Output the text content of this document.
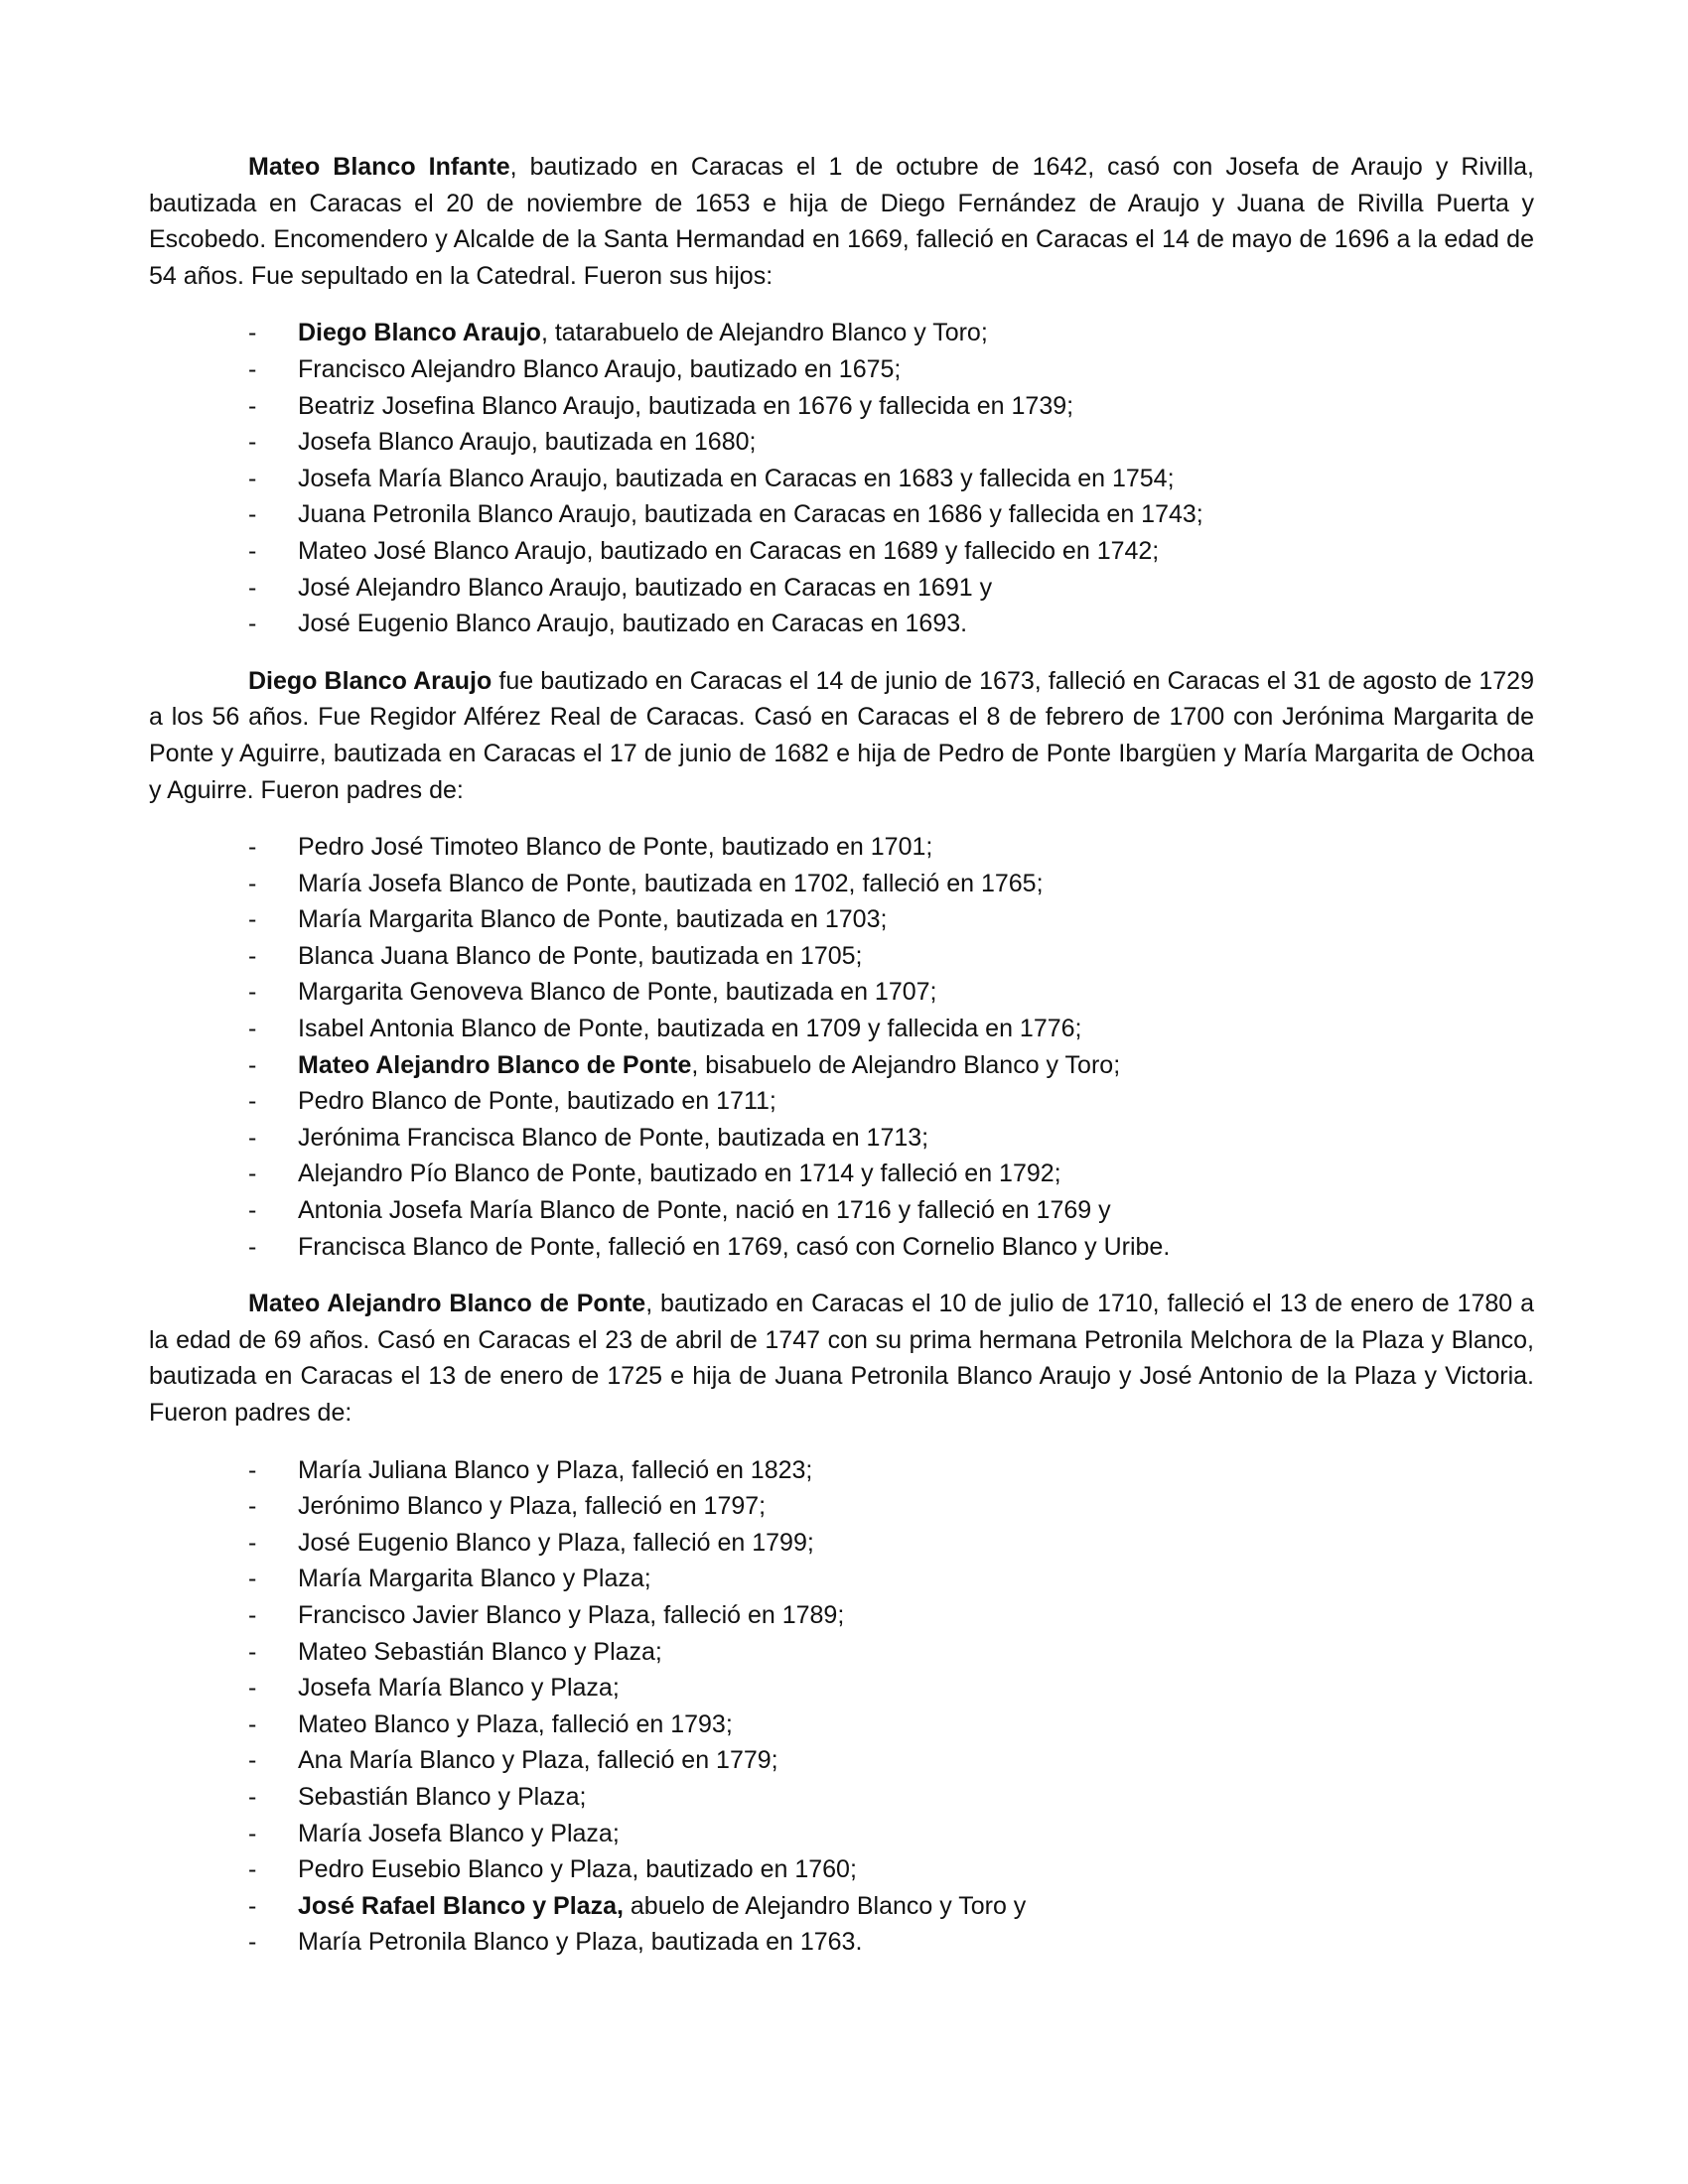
Mateo Blanco Infante, bautizado en Caracas el 1 de octubre de 1642, casó con Josefa de Araujo y Rivilla, bautizada en Caracas el 20 de noviembre de 1653 e hija de Diego Fernández de Araujo y Juana de Rivilla Puerta y Escobedo. Encomendero y Alcalde de la Santa Hermandad en 1669, falleció en Caracas el 14 de mayo de 1696 a la edad de 54 años. Fue sepultado en la Catedral. Fueron sus hijos:

- Diego Blanco Araujo, tatarabuelo de Alejandro Blanco y Toro;
- Francisco Alejandro Blanco Araujo, bautizado en 1675;
- Beatriz Josefina Blanco Araujo, bautizada en 1676 y fallecida en 1739;
- Josefa Blanco Araujo, bautizada en 1680;
- Josefa María Blanco Araujo, bautizada en Caracas en 1683 y fallecida en 1754;
- Juana Petronila Blanco Araujo, bautizada en Caracas en 1686 y fallecida en 1743;
- Mateo José Blanco Araujo, bautizado en Caracas en 1689 y fallecido en 1742;
- José Alejandro Blanco Araujo, bautizado en Caracas en 1691 y
- José Eugenio Blanco Araujo, bautizado en Caracas en 1693.

Diego Blanco Araujo fue bautizado en Caracas el 14 de junio de 1673, falleció en Caracas el 31 de agosto de 1729 a los 56 años. Fue Regidor Alférez Real de Caracas. Casó en Caracas el 8 de febrero de 1700 con Jerónima Margarita de Ponte y Aguirre, bautizada en Caracas el 17 de junio de 1682 e hija de Pedro de Ponte Ibargüen y María Margarita de Ochoa y Aguirre. Fueron padres de:

- Pedro José Timoteo Blanco de Ponte, bautizado en 1701;
- María Josefa Blanco de Ponte, bautizada en 1702, falleció en 1765;
- María Margarita Blanco de Ponte, bautizada en 1703;
- Blanca Juana Blanco de Ponte, bautizada en 1705;
- Margarita Genoveva Blanco de Ponte, bautizada en 1707;
- Isabel Antonia Blanco de Ponte, bautizada en 1709 y fallecida en 1776;
- Mateo Alejandro Blanco de Ponte, bisabuelo de Alejandro Blanco y Toro;
- Pedro Blanco de Ponte, bautizado en 1711;
- Jerónima Francisca Blanco de Ponte, bautizada en 1713;
- Alejandro Pío Blanco de Ponte, bautizado en 1714 y falleció en 1792;
- Antonia Josefa María Blanco de Ponte, nació en 1716 y falleció en 1769 y
- Francisca Blanco de Ponte, falleció en 1769, casó con Cornelio Blanco y Uribe.

Mateo Alejandro Blanco de Ponte, bautizado en Caracas el 10 de julio de 1710, falleció el 13 de enero de 1780 a la edad de 69 años. Casó en Caracas el 23 de abril de 1747 con su prima hermana Petronila Melchora de la Plaza y Blanco, bautizada en Caracas el 13 de enero de 1725 e hija de Juana Petronila Blanco Araujo y José Antonio de la Plaza y Victoria. Fueron padres de:

- María Juliana Blanco y Plaza, falleció en 1823;
- Jerónimo Blanco y Plaza, falleció en 1797;
- José Eugenio Blanco y Plaza, falleció en 1799;
- María Margarita Blanco y Plaza;
- Francisco Javier Blanco y Plaza, falleció en 1789;
- Mateo Sebastián Blanco y Plaza;
- Josefa María Blanco y Plaza;
- Mateo Blanco y Plaza, falleció en 1793;
- Ana María Blanco y Plaza, falleció en 1779;
- Sebastián Blanco y Plaza;
- María Josefa Blanco y Plaza;
- Pedro Eusebio Blanco y Plaza, bautizado en 1760;
- José Rafael Blanco y Plaza, abuelo de Alejandro Blanco y Toro y
- María Petronila Blanco y Plaza, bautizada en 1763.
